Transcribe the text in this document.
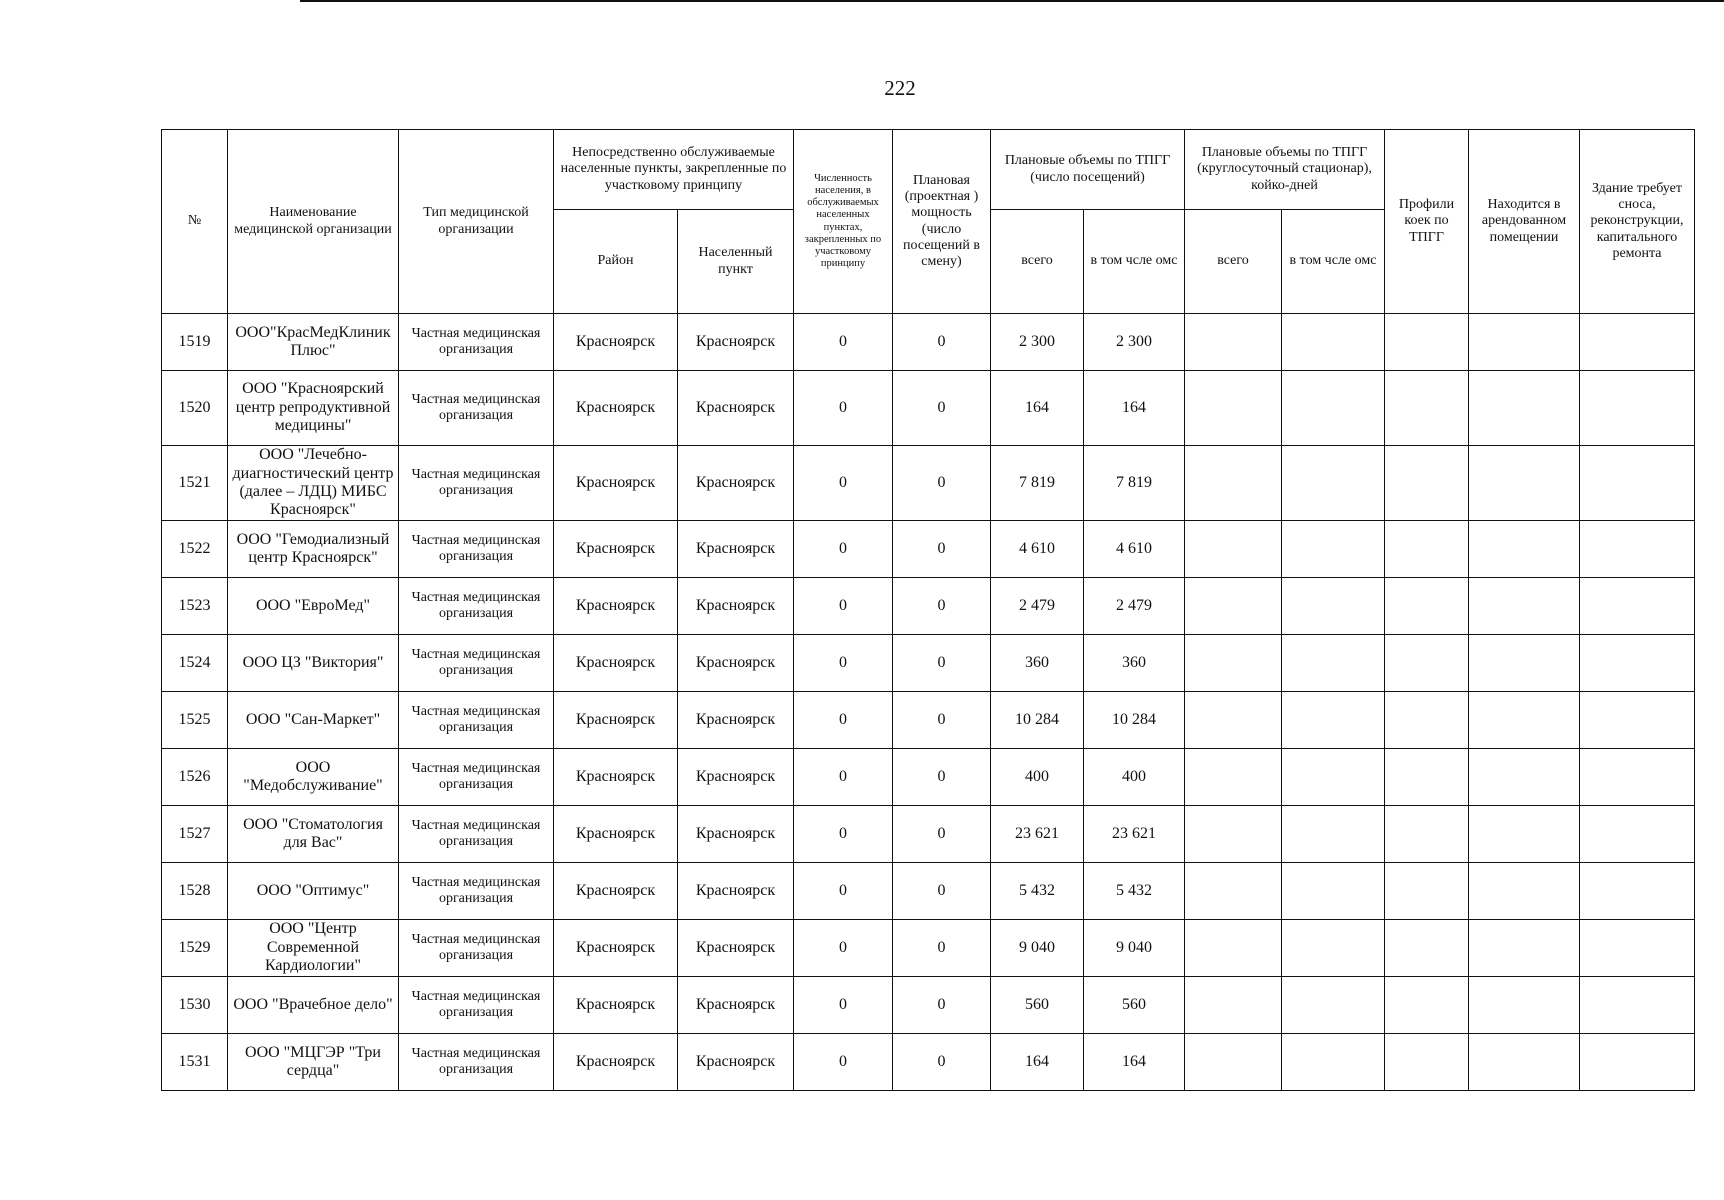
222
№	Наименование медицинской организации	Тип медицинской организации	Непосредственно обслуживаемые населенные пункты, закрепленные по участковому принципу		Численность населения, в обслуживаемых населенных пунктах, закрепленных по участковому принципу	Плановая (проектная ) мощность (число посещений в смену)	Плановые объемы по ТПГГ (число посещений)		Плановые объемы по ТПГГ (круглосуточный стационар), койко-дней		Профили коек по ТПГГ	Находится в арендованном помещении	Здание требует сноса, реконструкции, капитального ремонта
			Район	Населенный пункт			всего	в том чсле омс	всего	в том чсле омс			
1519	ООО"КрасМедКлиник Плюс"	Частная медицинская организация	Красноярск	Красноярск	0	0	2 300	2 300					
1520	ООО "Красноярский центр репродуктивной медицины"	Частная медицинская организация	Красноярск	Красноярск	0	0	164	164					
1521	ООО "Лечебно-диагностический центр (далее – ЛДЦ) МИБС Красноярск"	Частная медицинская организация	Красноярск	Красноярск	0	0	7 819	7 819					
1522	ООО "Гемодиализный центр Красноярск"	Частная медицинская организация	Красноярск	Красноярск	0	0	4 610	4 610					
1523	ООО "ЕвроМед"	Частная медицинская организация	Красноярск	Красноярск	0	0	2 479	2 479					
1524	ООО ЦЗ "Виктория"	Частная медицинская организация	Красноярск	Красноярск	0	0	360	360					
1525	ООО "Сан-Маркет"	Частная медицинская организация	Красноярск	Красноярск	0	0	10 284	10 284					
1526	ООО "Медобслуживание"	Частная медицинская организация	Красноярск	Красноярск	0	0	400	400					
1527	ООО "Стоматология для Вас"	Частная медицинская организация	Красноярск	Красноярск	0	0	23 621	23 621					
1528	ООО "Оптимус"	Частная медицинская организация	Красноярск	Красноярск	0	0	5 432	5 432					
1529	ООО "Центр Современной Кардиологии"	Частная медицинская организация	Красноярск	Красноярск	0	0	9 040	9 040					
1530	ООО "Врачебное дело"	Частная медицинская организация	Красноярск	Красноярск	0	0	560	560					
1531	ООО "МЦГЭР "Три сердца"	Частная медицинская организация	Красноярск	Красноярск	0	0	164	164					
